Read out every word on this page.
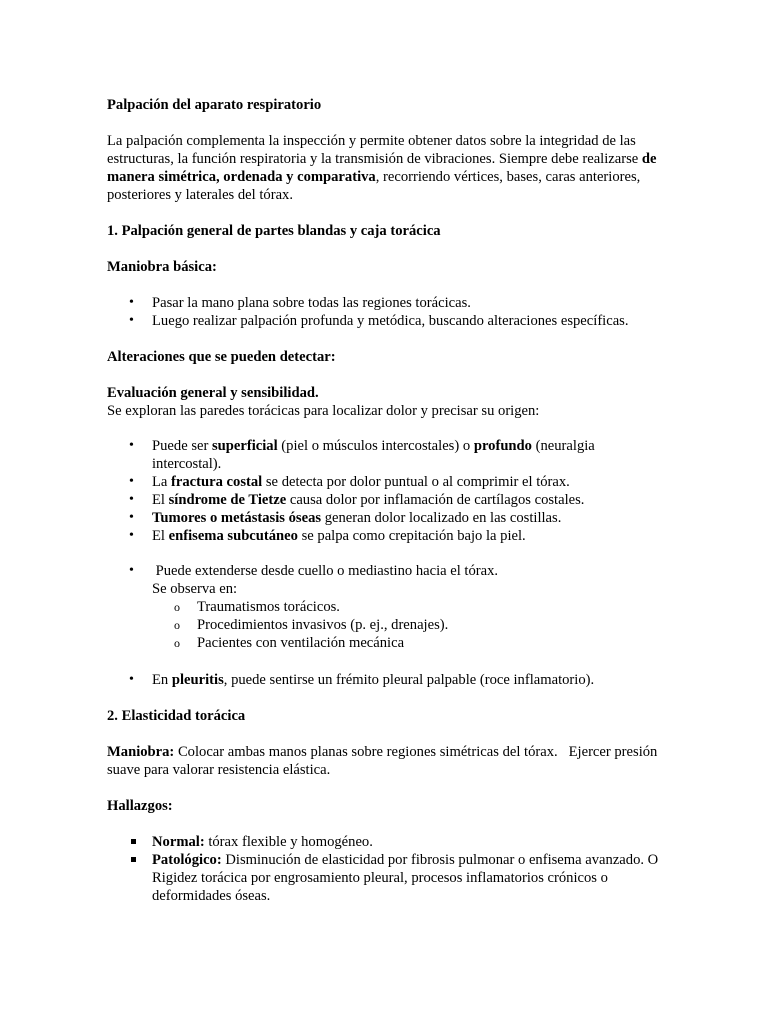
Palpación del aparato respiratorio

La palpación complementa la inspección y permite obtener datos sobre la integridad de las estructuras, la función respiratoria y la transmisión de vibraciones. Siempre debe realizarse de manera simétrica, ordenada y comparativa, recorriendo vértices, bases, caras anteriores, posteriores y laterales del tórax.

1. Palpación general de partes blandas y caja torácica

Maniobra básica:

• Pasar la mano plana sobre todas las regiones torácicas.
• Luego realizar palpación profunda y metódica, buscando alteraciones específicas.

Alteraciones que se pueden detectar:

Evaluación general y sensibilidad.

Se exploran las paredes torácicas para localizar dolor y precisar su origen:

• Puede ser superficial (piel o músculos intercostales) o profundo (neuralgia intercostal).
• La fractura costal se detecta por dolor puntual o al comprimir el tórax.
• El síndrome de Tietze causa dolor por inflamación de cartílagos costales.
• Tumores o metástasis óseas generan dolor localizado en las costillas.
• El enfisema subcutáneo se palpa como crepitación bajo la piel.
•  Puede extenderse desde cuello o mediastino hacia el tórax.
Se observa en:
o Traumatismos torácicos.
o Procedimientos invasivos (p. ej., drenajes).
o Pacientes con ventilación mecánica
• En pleuritis, puede sentirse un frémito pleural palpable (roce inflamatorio).

2. Elasticidad torácica

Maniobra: Colocar ambas manos planas sobre regiones simétricas del tórax.   Ejercer presión suave para valorar resistencia elástica.

Hallazgos:

Normal: tórax flexible y homogéneo.
Patológico: Disminución de elasticidad por fibrosis pulmonar o enfisema avanzado. O Rigidez torácica por engrosamiento pleural, procesos inflamatorios crónicos o deformidades óseas.
